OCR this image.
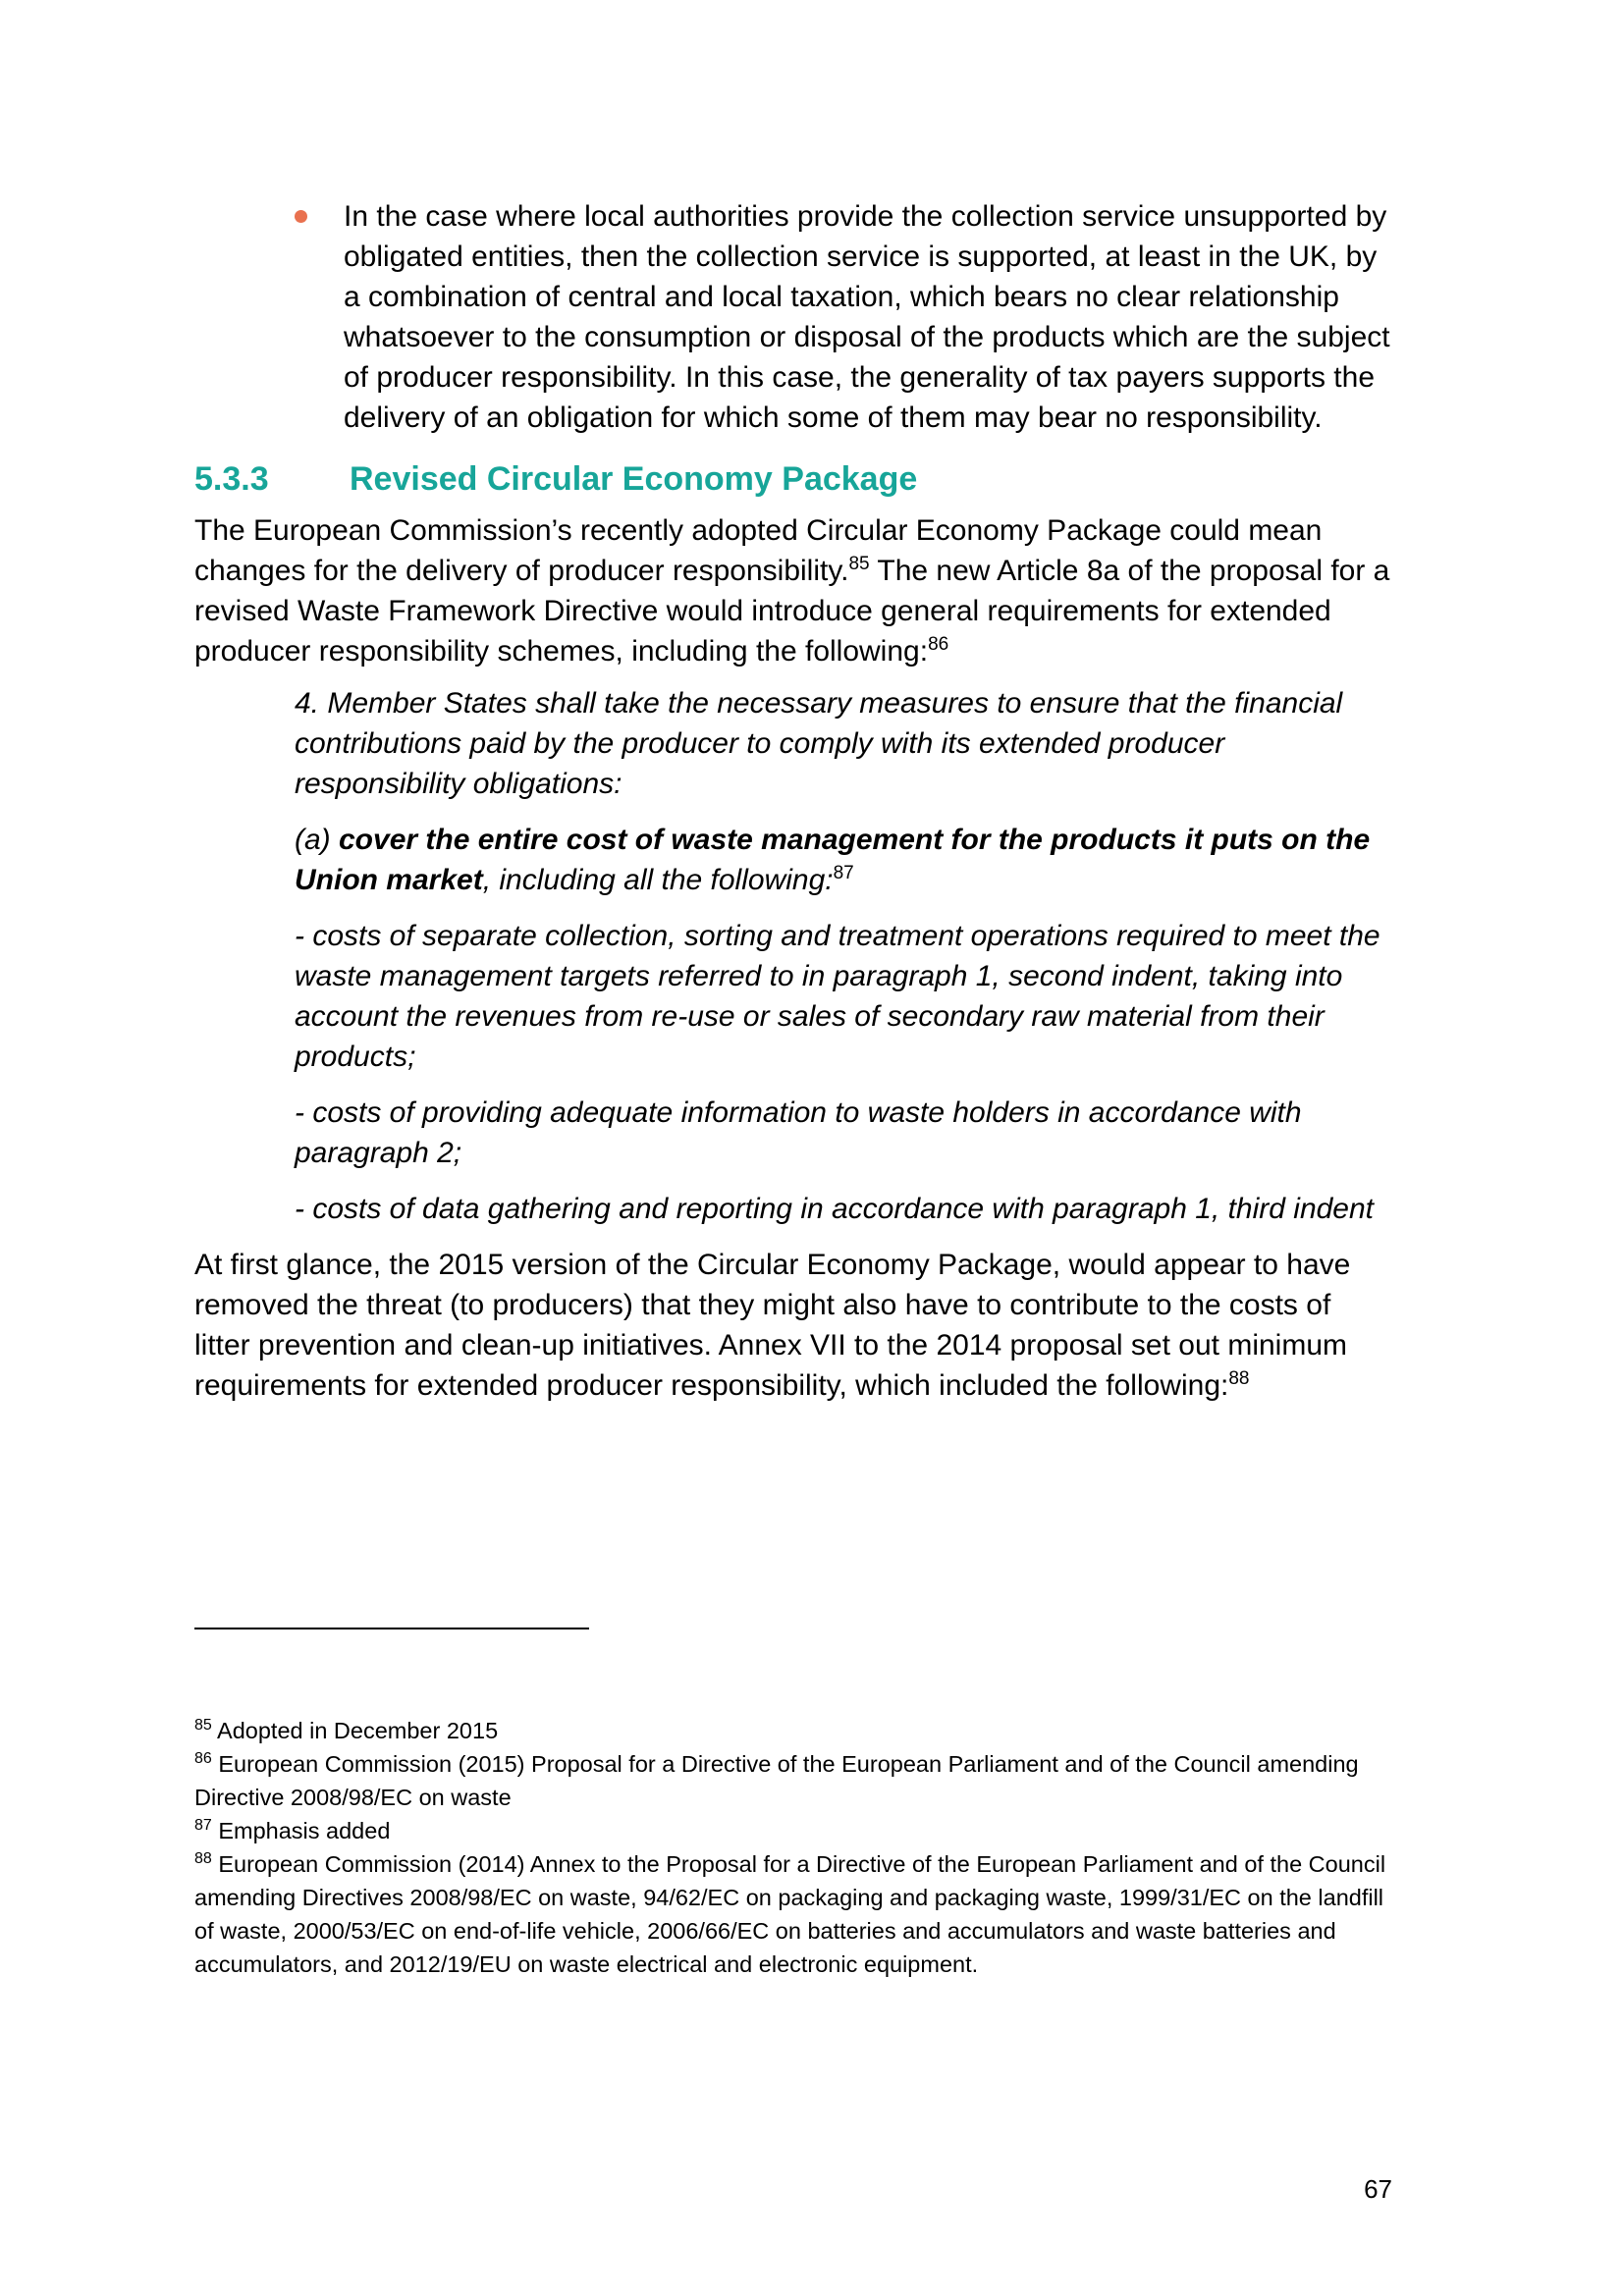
In the case where local authorities provide the collection service unsupported by obligated entities, then the collection service is supported, at least in the UK, by a combination of central and local taxation, which bears no clear relationship whatsoever to the consumption or disposal of the products which are the subject of producer responsibility. In this case, the generality of tax payers supports the delivery of an obligation for which some of them may bear no responsibility.
5.3.3	Revised Circular Economy Package

The European Commission’s recently adopted Circular Economy Package could mean changes for the delivery of producer responsibility.$^{85}$ The new Article 8a of the proposal for a revised Waste Framework Directive would introduce general requirements for extended producer responsibility schemes, including the following:$^{86}$

4. Member States shall take the necessary measures to ensure that the financial contributions paid by the producer to comply with its extended producer responsibility obligations:

(a) cover the entire cost of waste management for the products it puts on the Union market, including all the following:$^{87}$

- costs of separate collection, sorting and treatment operations required to meet the waste management targets referred to in paragraph 1, second indent, taking into account the revenues from re-use or sales of secondary raw material from their products;

- costs of providing adequate information to waste holders in accordance with paragraph 2;

- costs of data gathering and reporting in accordance with paragraph 1, third indent

At first glance, the 2015 version of the Circular Economy Package, would appear to have removed the threat (to producers) that they might also have to contribute to the costs of litter prevention and clean-up initiatives. Annex VII to the 2014 proposal set out minimum requirements for extended producer responsibility, which included the following:$^{88}$

$^{85}$ Adopted in December 2015

$^{86}$ European Commission (2015) Proposal for a Directive of the European Parliament and of the Council amending Directive 2008/98/EC on waste

$^{87}$ Emphasis added

$^{88}$ European Commission (2014) Annex to the Proposal for a Directive of the European Parliament and of the Council amending Directives 2008/98/EC on waste, 94/62/EC on packaging and packaging waste, 1999/31/EC on the landfill of waste, 2000/53/EC on end-of-life vehicle, 2006/66/EC on batteries and accumulators and waste batteries and accumulators, and 2012/19/EU on waste electrical and electronic equipment.

67
